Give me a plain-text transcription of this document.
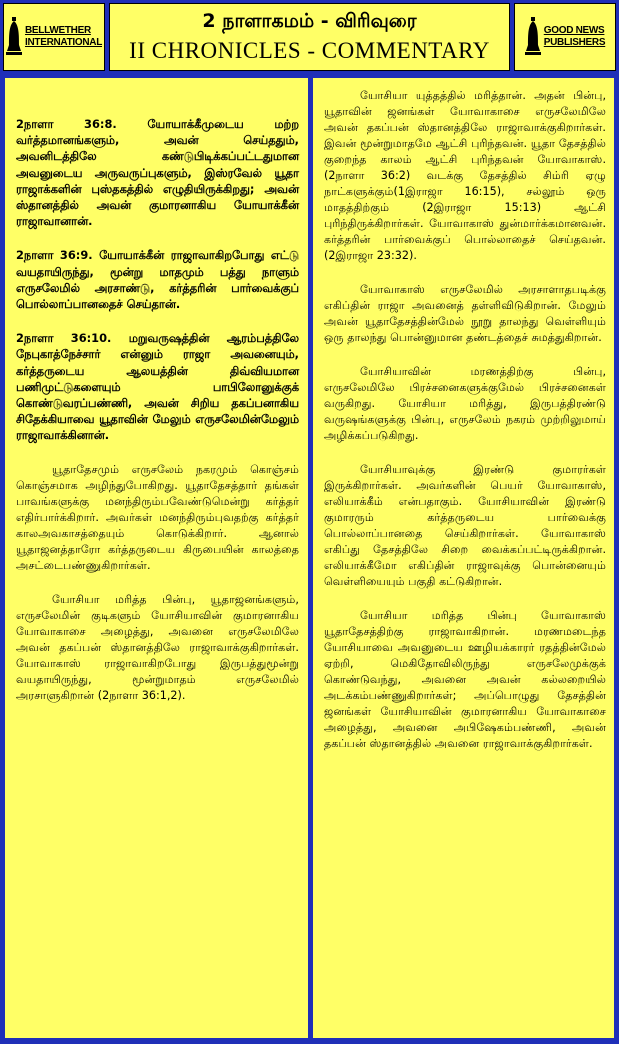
BELLWETHER
INTERNATIONAL
2 நாளாகமம் - விரிவுரை
II CHRONICLES - COMMENTARY
GOOD NEWS
PUBLISHERS

2நாளா 36:8. யோயாக்கீமுடைய மற்ற வர்த்தமானங்களும், அவன் செய்ததும், அவனிடத்திலே கண்டுபிடிக்கப்பட்டதுமான அவனுடைய அருவருப்புகளும், இஸ்ரவேல் யூதா ராஜாக்களின் புஸ்தகத்தில் எழுதியிருக்கிறது; அவன் ஸ்தானத்தில் அவன் குமாரனாகிய யோயாக்கீன் ராஜாவானான்.

2நாளா 36:9. யோயாக்கீன் ராஜாவாகிறபோது எட்டு வயதாயிருந்து, மூன்று மாதமும் பத்து நாளும் எருசலேமில் அரசாண்டு, கர்த்தரின் பார்வைக்குப் பொல்லாப்பானதைச் செய்தான்.

2நாளா 36:10. மறுவருஷத்தின் ஆரம்பத்திலே நேபுகாத்நேச்சார் என்னும் ராஜா அவனையும், கர்த்தருடைய ஆலயத்தின் திவ்வியமான பணிமுட்டுகளையும் பாபிலோனுக்குக் கொண்டுவரப்பண்ணி, அவன் சிறிய தகப்பனாகிய சிதேக்கியாவை யூதாவின் மேலும் எருசலேமின்மேலும் ராஜாவாக்கினான்.

யூதாதேசமும் எருசலேம் நகரமும் கொஞ்சம் கொஞ்சமாக அழிந்துபோகிறது. யூதாதேசத்தார் தங்கள் பாவங்களுக்கு மனந்திரும்பவேண்டுமென்று கர்த்தர் எதிர்பார்க்கிறார். அவர்கள் மனந்திரும்புவதற்கு கர்த்தர் காலஅவகாசத்தையும் கொடுக்கிறார். ஆனால் யூதாஜனத்தாரோ கர்த்தருடைய கிருபையின் காலத்தை அசட்டைபண்ணுகிறார்கள்.

யோசியா மரித்த பின்பு, யூதாஜனங்களும், எருசலேமின் குடிகளும் யோசியாவின் குமாரனாகிய யோவாகாசை அழைத்து, அவனை எருசலேமிலே அவன் தகப்பன் ஸ்தானத்திலே ராஜாவாக்குகிறார்கள். யோவாகாஸ் ராஜாவாகிறபோது இருபத்துமூன்று வயதாயிருந்து, மூன்றுமாதம் எருசலேமில் அரசாளுகிறான் (2நாளா 36:1,2).

யோசியா யுத்தத்தில் மரித்தான். அதன் பின்பு, யூதாவின் ஜனங்கள் யோவாகாசை எருசலேமிலே அவன் தகப்பன் ஸ்தானத்திலே ராஜாவாக்குகிறார்கள். இவன் மூன்றுமாதமே ஆட்சி புரிந்தவன். யூதா தேசத்தில் குறைந்த காலம் ஆட்சி புரிந்தவன் யோவாகாஸ். (2நாளா 36:2) வடக்கு தேசத்தில் சிம்ரி ஏழு நாட்களுக்கும்(1இராஜா 16:15), சல்லூம் ஒரு மாதத்திற்கும் (2இராஜா 15:13) ஆட்சி புரிந்திருக்கிறார்கள். யோவாகாஸ் துன்மார்க்கமானவன். கர்த்தரின் பார்வைக்குப் பொல்லாதைச் செய்தவன்.(2இராஜா 23:32).

யோவாகாஸ் எருசலேமில் அரசாளாதபடிக்கு எகிப்தின் ராஜா அவனைத் தள்ளிவிடுகிறான். மேலும் அவன் யூதாதேசத்தின்மேல் நூறு தாலந்து வெள்ளியும் ஒரு தாலந்து பொன்னுமான தண்டத்தைச் சுமத்துகிறான்.

யோசியாவின் மரணத்திற்கு பின்பு, எருசலேமிலே பிரச்சனைகளுக்குமேல் பிரச்சனைகள் வருகிறது. யோசியா மரித்து, இருபத்திரண்டு வருஷங்களுக்கு பின்பு, எருசலேம் நகரம் முற்றிலுமாய் அழிக்கப்படுகிறது.

யோசியாவுக்கு இரண்டு குமாரர்கள் இருக்கிறார்கள். அவர்களின் பெயர் யோவாகாஸ், எலியாக்கீம் என்பதாகும். யோசியாவின் இரண்டு குமாரரும் கர்த்தருடைய பார்வைக்கு பொல்லாப்பானதை செய்கிறார்கள். யோவாகாஸ் எகிப்து தேசத்திலே சிறை வைக்கப்பட்டிருக்கிறான். எலியாக்கீமோ எகிப்தின் ராஜாவுக்கு பொன்னையும் வெள்ளியையும் பகுதி கட்டுகிறான்.

யோசியா மரித்த பின்பு யோவாகாஸ் யூதாதேசத்திற்கு ராஜாவாகிறான். மரணமடைந்த யோசியாவை அவனுடைய ஊழியக்காரர் ரதத்தின்மேல் ஏற்றி, மெகிதோவிலிருந்து எருசலேமுக்குக் கொண்டுவந்து, அவனை அவன் கல்லறையில் அடக்கம்பண்ணுகிறார்கள்; அப்பொழுது தேசத்தின் ஜனங்கள் யோசியாவின் குமாரனாகிய யோவாகாசை அழைத்து, அவனை அபிஷேகம்பண்ணி, அவன் தகப்பன் ஸ்தானத்தில் அவனை ராஜாவாக்குகிறார்கள்.
